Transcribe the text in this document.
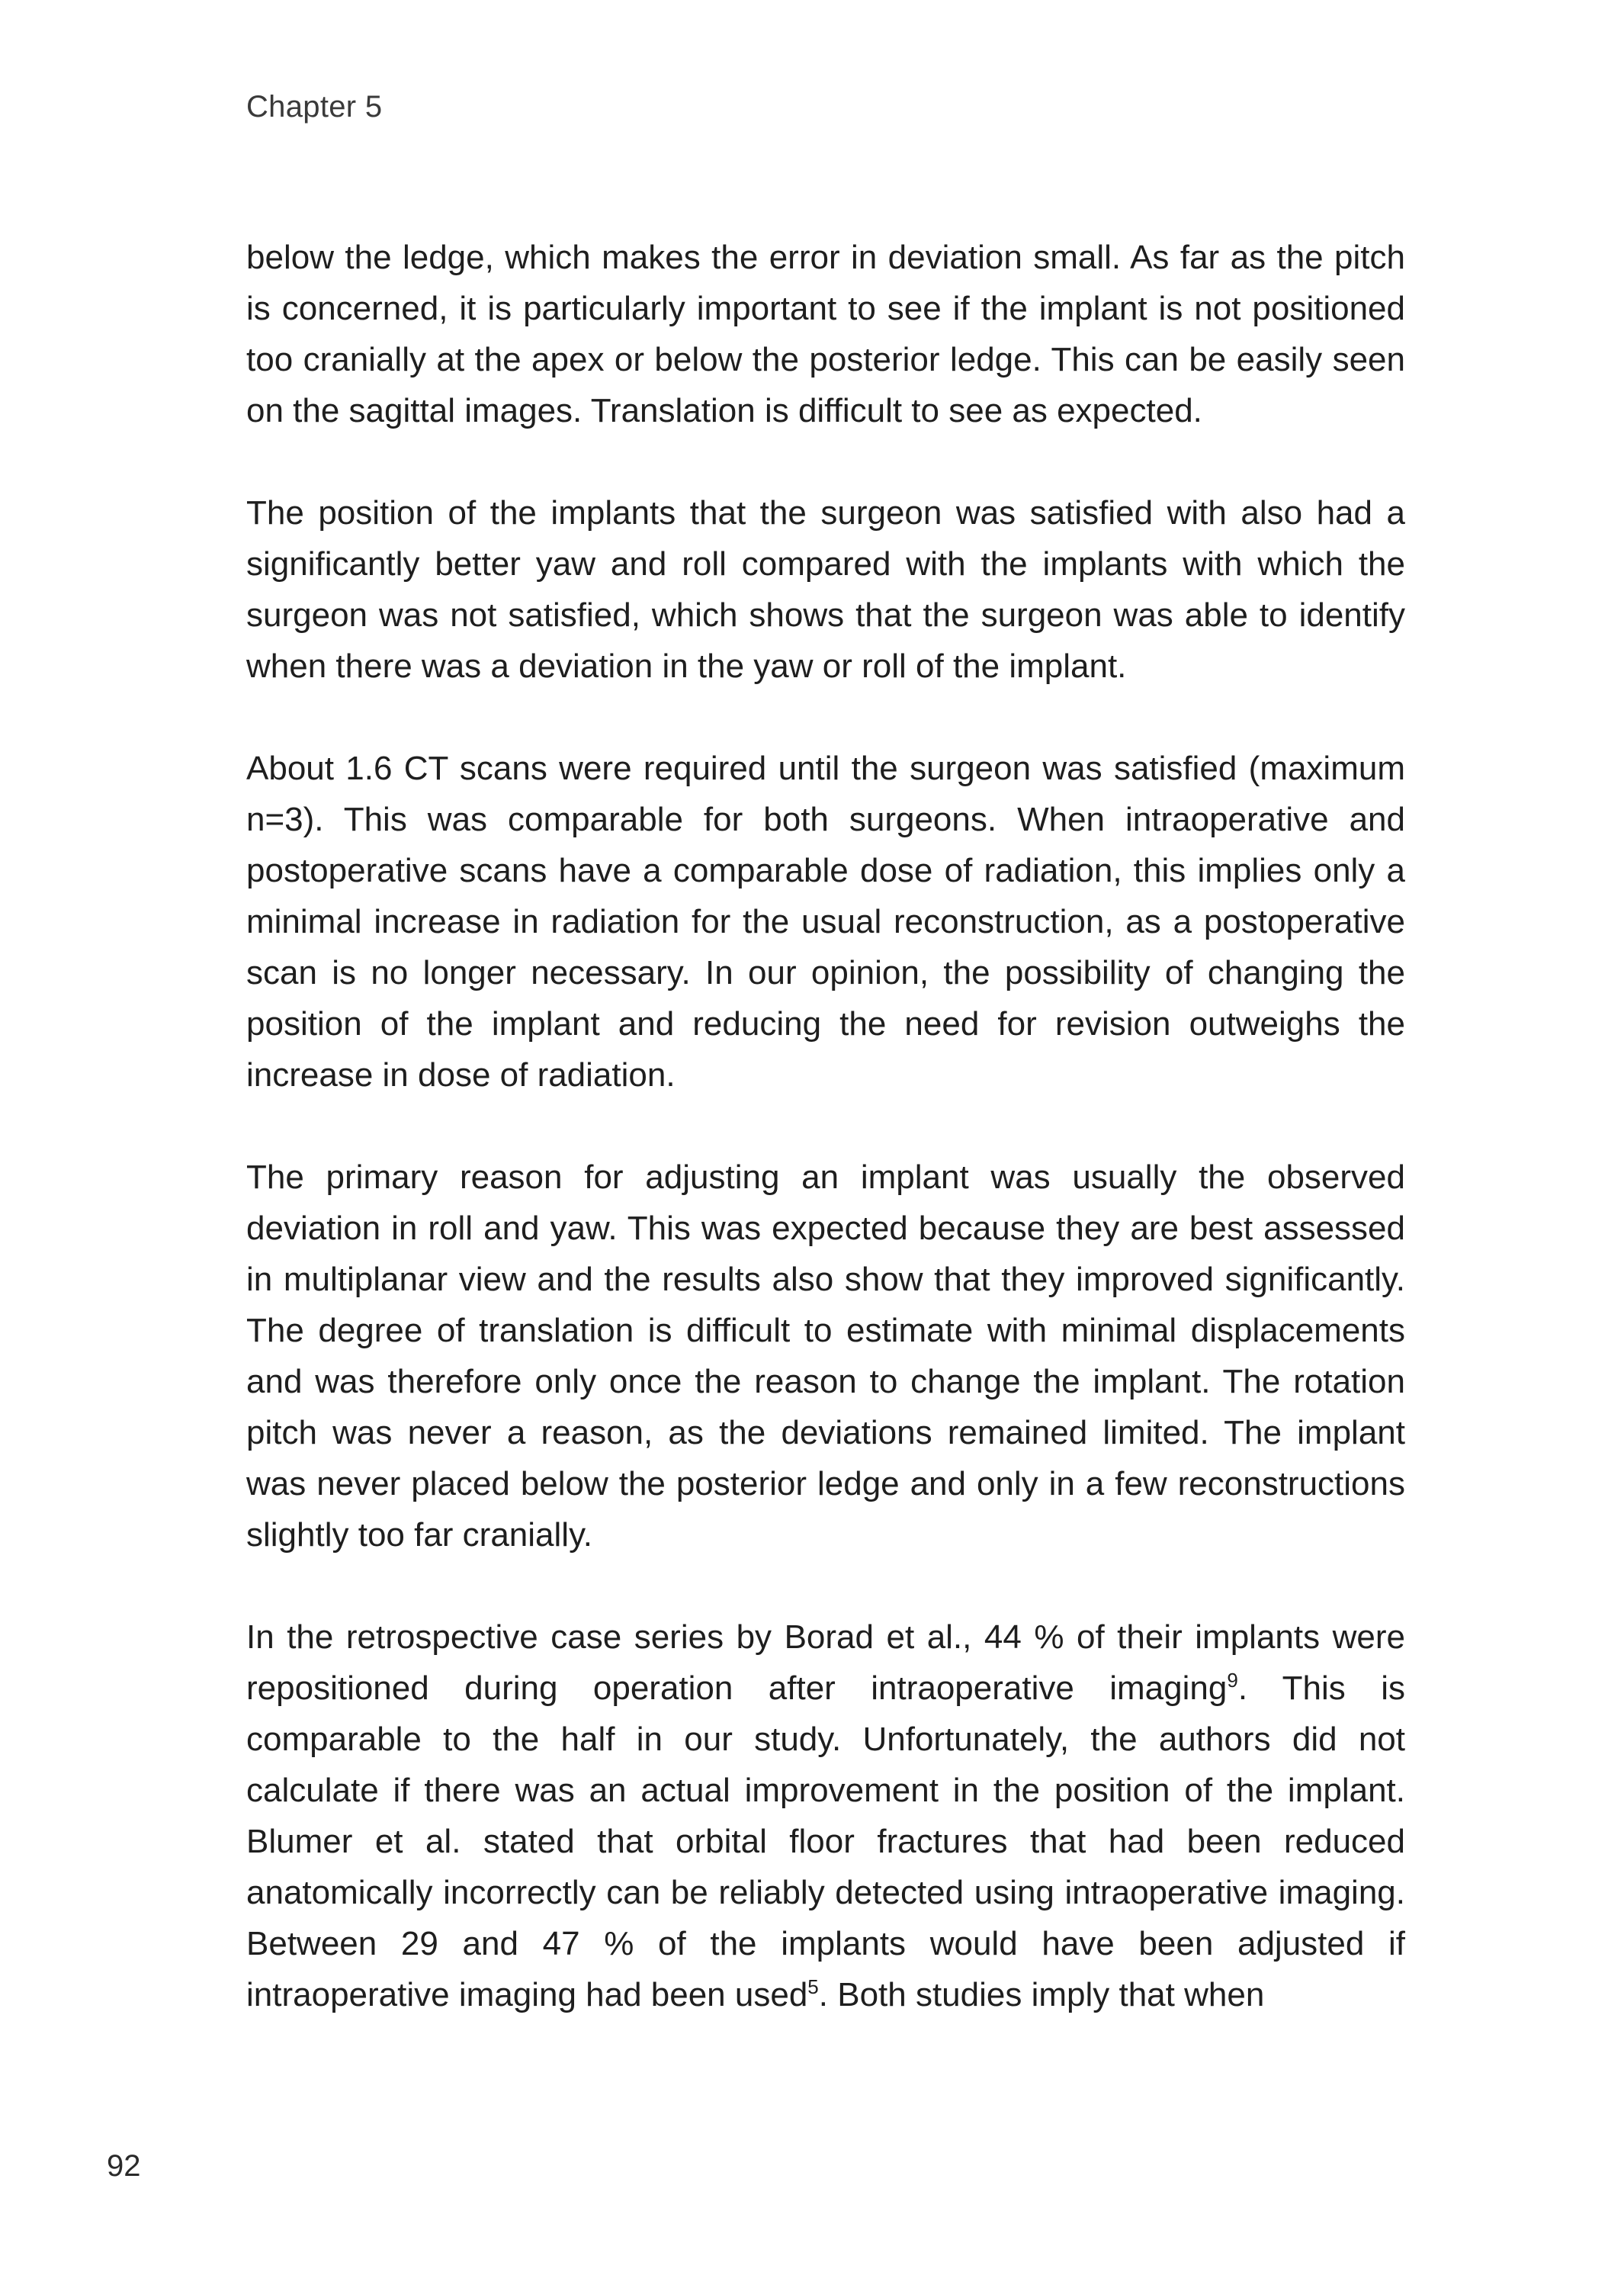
Chapter 5

below the ledge, which makes the error in deviation small. As far as the pitch is concerned, it is particularly important to see if the implant is not positioned too cranially at the apex or below the posterior ledge. This can be easily seen on the sagittal images. Translation is difficult to see as expected.

The position of the implants that the surgeon was satisfied with also had a significantly better yaw and roll compared with the implants with which the surgeon was not satisfied, which shows that the surgeon was able to identify when there was a deviation in the yaw or roll of the implant.

About 1.6 CT scans were required until the surgeon was satisfied (maximum n=3). This was comparable for both surgeons. When intraoperative and postoperative scans have a comparable dose of radiation, this implies only a minimal increase in radiation for the usual reconstruction, as a postoperative scan is no longer necessary. In our opinion, the possibility of changing the position of the implant and reducing the need for revision outweighs the increase in dose of radiation.

The primary reason for adjusting an implant was usually the observed deviation in roll and yaw. This was expected because they are best assessed in multiplanar view and the results also show that they improved significantly. The degree of translation is difficult to estimate with minimal displacements and was therefore only once the reason to change the implant. The rotation pitch was never a reason, as the deviations remained limited. The implant was never placed below the posterior ledge and only in a few reconstructions slightly too far cranially.

In the retrospective case series by Borad et al., 44 % of their implants were repositioned during operation after intraoperative imaging$^9$. This is comparable to the half in our study. Unfortunately, the authors did not calculate if there was an actual improvement in the position of the implant. Blumer et al. stated that orbital floor fractures that had been reduced anatomically incorrectly can be reliably detected using intraoperative imaging. Between 29 and 47 % of the implants would have been adjusted if intraoperative imaging had been used$^5$. Both studies imply that when

92
